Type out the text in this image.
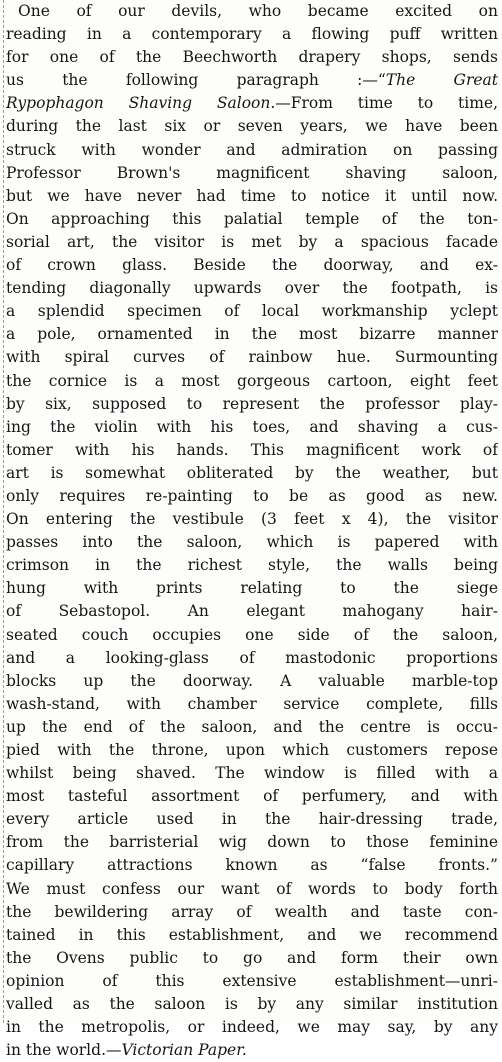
One of our devils, who became excited on
reading in a contemporary a flowing puff written
for one of the Beechworth drapery shops, sends
us the following paragraph :—“The Great
Rypophagon Shaving Saloon.—From time to time,
during the last six or seven years, we have been
struck with wonder and admiration on passing
Professor Brown's magnificent shaving saloon,
but we have never had time to notice it until now.
On approaching this palatial temple of the ton-
sorial art, the visitor is met by a spacious facade
of crown glass. Beside the doorway, and ex-
tending diagonally upwards over the footpath, is
a splendid specimen of local workmanship yclept
a pole, ornamented in the most bizarre manner
with spiral curves of rainbow hue. Surmounting
the cornice is a most gorgeous cartoon, eight feet
by six, supposed to represent the professor play-
ing the violin with his toes, and shaving a cus-
tomer with his hands. This magnificent work of
art is somewhat obliterated by the weather, but
only requires re-painting to be as good as new.
On entering the vestibule (3 feet x 4), the visitor
passes into the saloon, which is papered with
crimson in the richest style, the walls being
hung with prints relating to the siege
of Sebastopol. An elegant mahogany hair-
seated couch occupies one side of the saloon,
and a looking-glass of mastodonic proportions
blocks up the doorway. A valuable marble-top
wash-stand, with chamber service complete, fills
up the end of the saloon, and the centre is occu-
pied with the throne, upon which customers repose
whilst being shaved. The window is filled with a
most tasteful assortment of perfumery, and with
every article used in the hair-dressing trade,
from the barristerial wig down to those feminine
capillary attractions known as “false fronts.”
We must confess our want of words to body forth
the bewildering array of wealth and taste con-
tained in this establishment, and we recommend
the Ovens public to go and form their own
opinion of this extensive establishment—unri-
valled as the saloon is by any similar institution
in the metropolis, or indeed, we may say, by any
in the world.—Victorian Paper.
